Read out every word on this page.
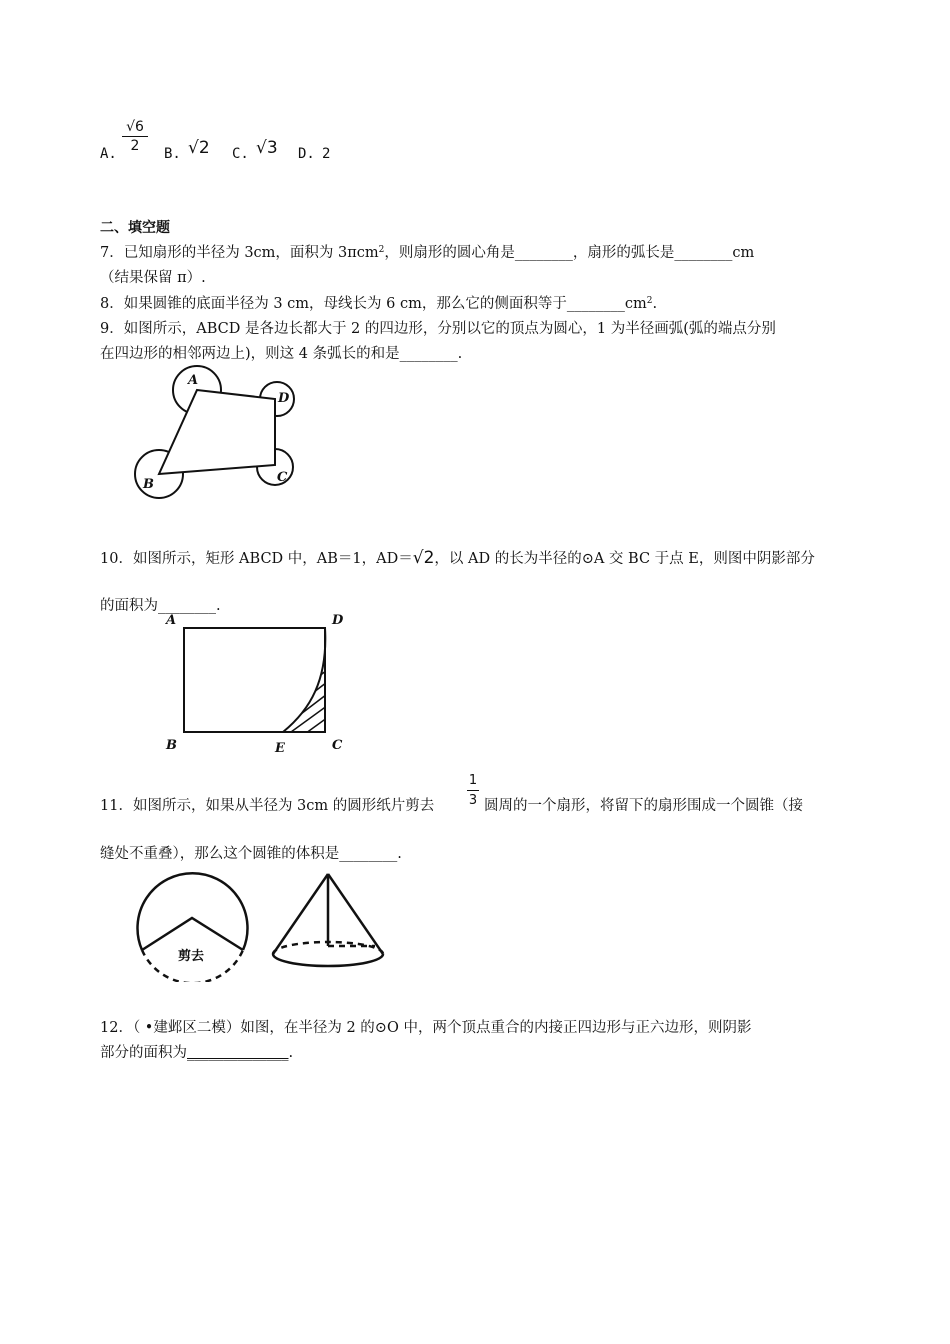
A.
√6
2	B. √2 C. √3 D. 2
二、填空题
7．已知扇形的半径为 3cm，面积为 3πcm$^2$，则扇形的圆心角是________，扇形的弧长是________cm
（结果保留 π）.
8．如果圆锥的底面半径为 3 cm，母线长为 6 cm，那么它的侧面积等于$\_\_\_\_\_\_\_\_cm^2$.
9．如图所示，ABCD 是各边长都大于 2 的四边形，分别以它的顶点为圆心，1 为半径画弧(弧的端点分别
在四边形的相邻两边上)，则这 4 条弧长的和是________.
A
D
C
B
10．如图所示，矩形 ABCD 中，AB＝1，AD＝√2，以 AD 的长为半径的⊙A 交 BC 于点 E，则图中阴影部分
的面积为________.
A	D
B	E	C
11．如图所示，如果从半径为 3cm 的圆形纸片剪去
1
3 圆周的一个扇形，将留下的扇形围成一个圆锥（接
缝处不重叠），那么这个圆锥的体积是________.
剪去
12．（ •建邺区二模）如图，在半径为 2 的⊙O 中，两个顶点重合的内接正四边形与正六边形，则阴影
部分的面积为______________.
